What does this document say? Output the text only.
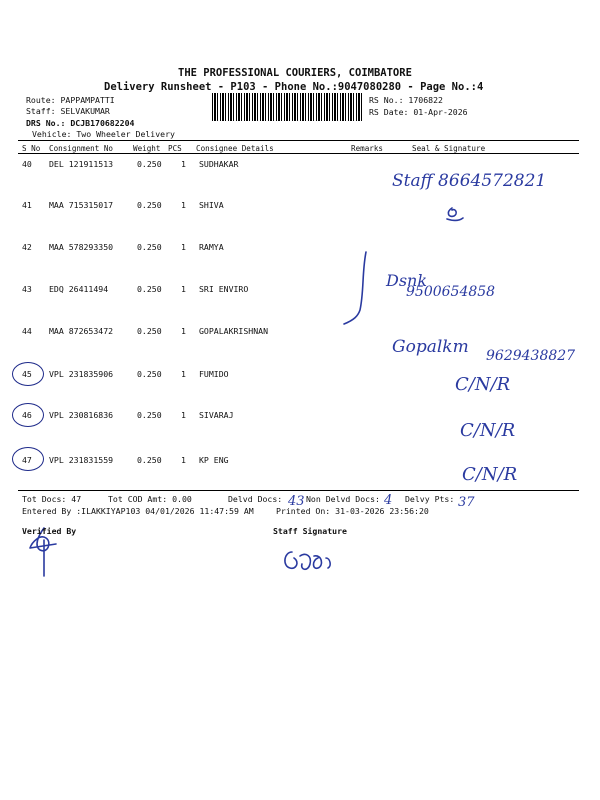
THE PROFESSIONAL COURIERS, COIMBATORE
Delivery Runsheet - P103 - Phone No.:9047080280 - Page No.:4
Route: PAPPAMPATTI
Staff: SELVAKUMAR
DRS No.: DCJB170682204
Vehicle: Two Wheeler Delivery
RS No.: 1706822
RS Date: 01-Apr-2026
S No Consignment No	Weight PCS Consignee Details	Remarks	Seal & Signature
40 DEL 121911513	0.250 1 SUDHAKAR
41 MAA 715315017	0.250 1 SHIVA
42 MAA 578293350	0.250 1 RAMYA
43 EDQ 26411494	0.250 1 SRI ENVIRO
44 MAA 872653472	0.250 1 GOPALAKRISHNAN
45 VPL 231835906	0.250 1 FUMIDO
46 VPL 230816836	0.250 1 SIVARAJ
47 VPL 231831559	0.250 1 KP ENG
Staff 8664572821
Dsnk
9500654858
Gopalkm 9629438827
C/N/R
C/N/R
C/N/R
43	4	37
Tot Docs: 47	Tot COD Amt: 0.00	Delvd Docs:	Non Delvd Docs:	Delvy Pts:
Entered By :ILAKKIYAP103 04/01/2026 11:47:59 AM	Printed On: 31-03-2026 23:56:20
Verified By	Staff Signature
